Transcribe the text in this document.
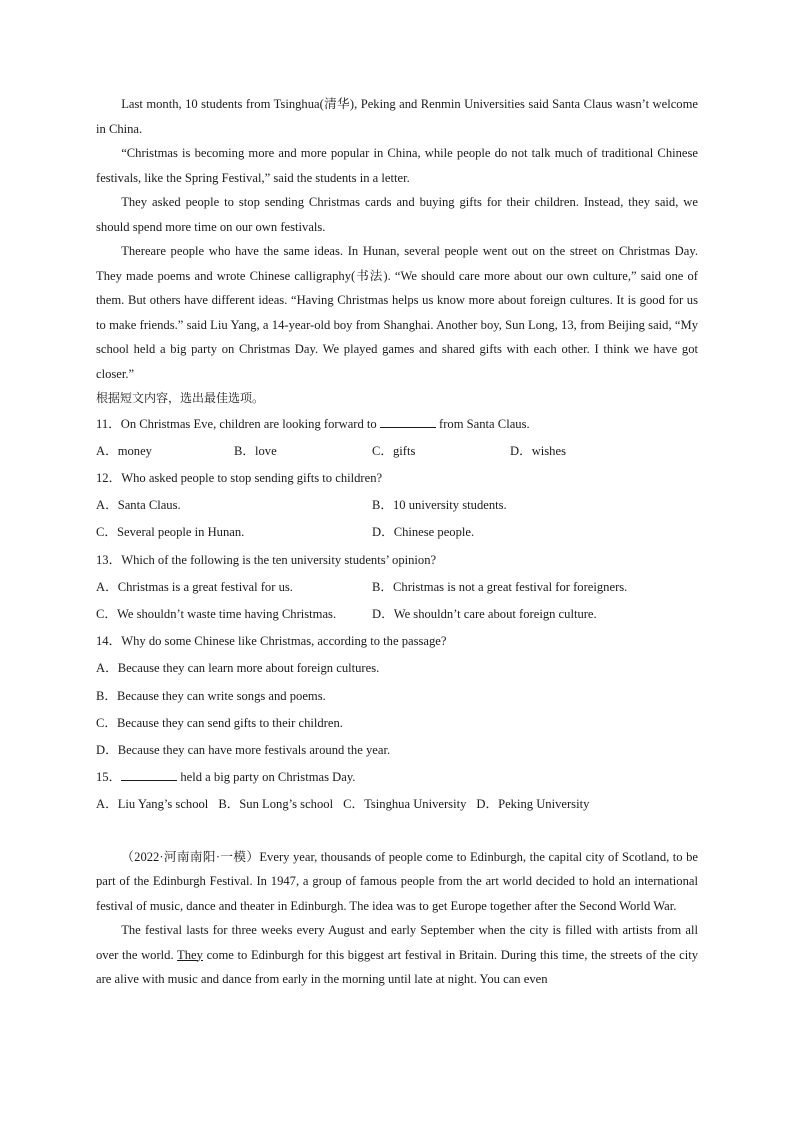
Last month, 10 students from Tsinghua(清华), Peking and Renmin Universities said Santa Claus wasn’t welcome in China.

“Christmas is becoming more and more popular in China, while people do not talk much of traditional Chinese festivals, like the Spring Festival,” said the students in a letter.

They asked people to stop sending Christmas cards and buying gifts for their children. Instead, they said, we should spend more time on our own festivals.

Thereare people who have the same ideas. In Hunan, several people went out on the street on Christmas Day. They made poems and wrote Chinese calligraphy(书法). “We should care more about our own culture,” said one of them. But others have different ideas. “Having Christmas helps us know more about foreign cultures. It is good for us to make friends.” said Liu Yang, a 14-year-old boy from Shanghai. Another boy, Sun Long, 13, from Beijing said, “My school held a big party on Christmas Day. We played games and shared gifts with each other. I think we have got closer.”

根据短文内容，选出最佳选项。

11．On Christmas Eve, children are looking forward to	from Santa Claus.

A．money	B．love	C．gifts	D．wishes

12．Who asked people to stop sending gifts to children?

A．Santa Claus.	B．10 university students.
C．Several people in Hunan.	D．Chinese people.

13．Which of the following is the ten university students’ opinion?

A．Christmas is a great festival for us.	B．Christmas is not a great festival for foreigners.
C．We shouldn’t waste time having Christmas.	D．We shouldn’t care about foreign culture.

14．Why do some Chinese like Christmas, according to the passage?

A．Because they can learn more about foreign cultures.

B．Because they can write songs and poems.

C．Because they can send gifts to their children.

D．Because they can have more festivals around the year.

15．	held a big party on Christmas Day.

A．Liu Yang’s school B．Sun Long’s school C．Tsinghua University D．Peking University

（2022·河南南阳·一模）Every year, thousands of people come to Edinburgh, the capital city of Scotland, to be part of the Edinburgh Festival. In 1947, a group of famous people from the art world decided to hold an international festival of music, dance and theater in Edinburgh. The idea was to get Europe together after the Second World War.

The festival lasts for three weeks every August and early September when the city is filled with artists from all over the world. They come to Edinburgh for this biggest art festival in Britain. During this time, the streets of the city are alive with music and dance from early in the morning until late at night. You can even
